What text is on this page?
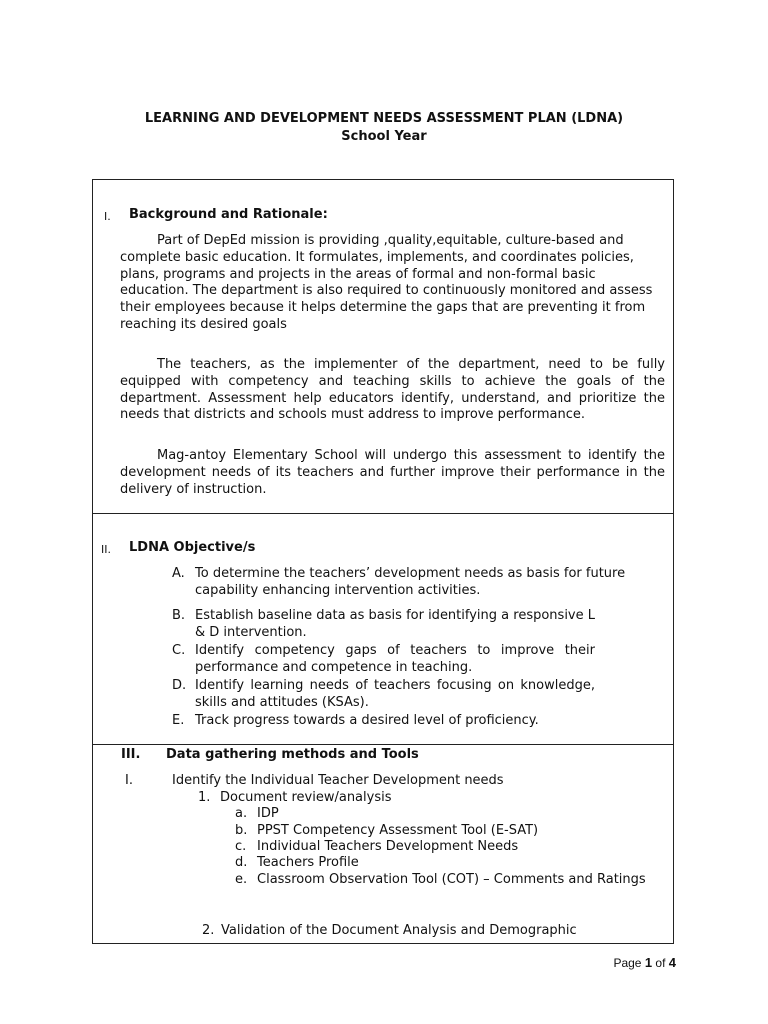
LEARNING AND DEVELOPMENT NEEDS ASSESSMENT PLAN (LDNA)
School Year
I. Background and Rationale:
Part of DepEd mission is providing ,quality,equitable, culture-based and complete basic education. It formulates, implements, and coordinates policies, plans, programs and projects in the areas of formal and non-formal basic education. The department is also required to continuously monitored and assess their employees because it helps determine the gaps that are preventing it from reaching its desired goals
The teachers, as the implementer of the department, need to be fully equipped with competency and teaching skills to achieve the goals of the department. Assessment help educators identify, understand, and prioritize the needs that districts and schools must address to improve performance.
Mag-antoy Elementary School will undergo this assessment to identify the development needs of its teachers and further improve their performance in the delivery of instruction.
II. LDNA Objective/s
A. To determine the teachers’ development needs as basis for future capability enhancing intervention activities.
B. Establish baseline data as basis for identifying a responsive L & D intervention.
C. Identify competency gaps of teachers to improve their performance and competence in teaching.
D. Identify learning needs of teachers focusing on knowledge, skills and attitudes (KSAs).
E. Track progress towards a desired level of proficiency.
III. Data gathering methods and Tools
I.	Identify the Individual Teacher Development needs
1. Document review/analysis
a. IDP
b. PPST Competency Assessment Tool (E-SAT)
c. Individual Teachers Development Needs
d. Teachers Profile
e. Classroom Observation Tool (COT) – Comments and Ratings
2. Validation of the Document Analysis and Demographic
Page 1 of 4
